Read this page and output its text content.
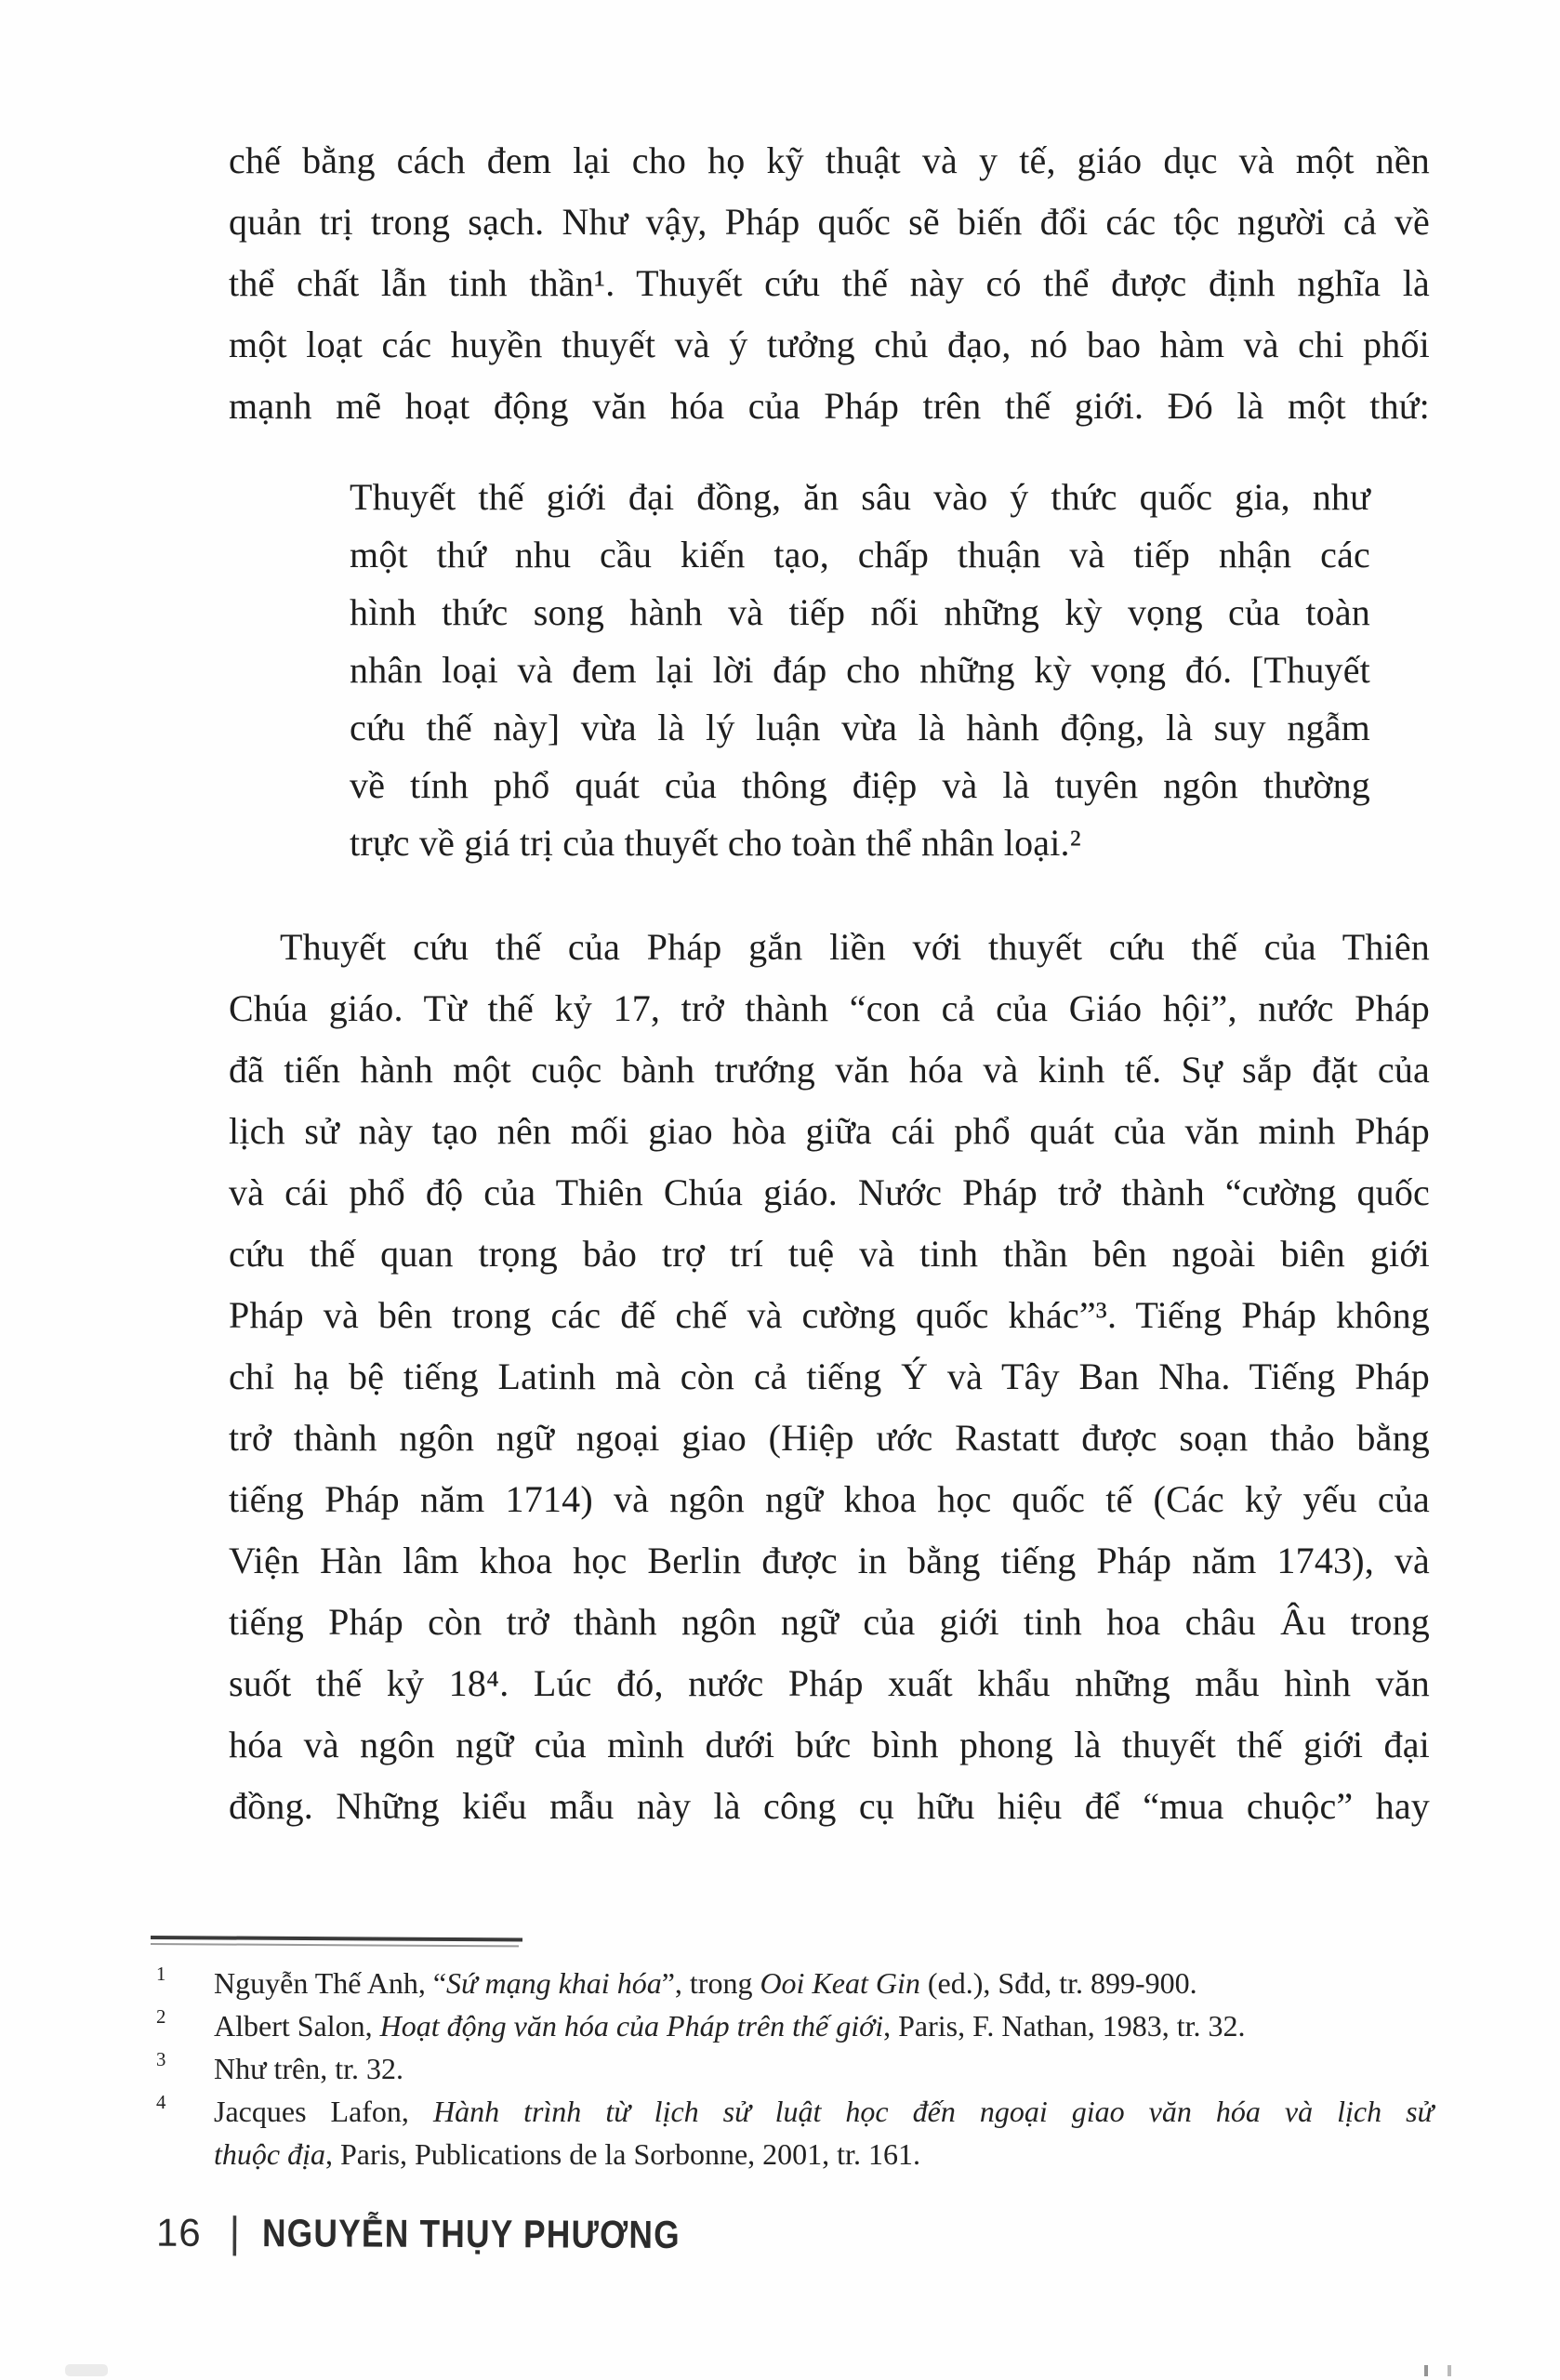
chế bằng cách đem lại cho họ kỹ thuật và y tế, giáo dục và một nền
quản trị trong sạch. Như vậy, Pháp quốc sẽ biến đổi các tộc người cả về
thể chất lẫn tinh thần¹. Thuyết cứu thế này có thể được định nghĩa là
một loạt các huyền thuyết và ý tưởng chủ đạo, nó bao hàm và chi phối
mạnh mẽ hoạt động văn hóa của Pháp trên thế giới. Đó là một thứ:
Thuyết thế giới đại đồng, ăn sâu vào ý thức quốc gia, như
một thứ nhu cầu kiến tạo, chấp thuận và tiếp nhận các
hình thức song hành và tiếp nối những kỳ vọng của toàn
nhân loại và đem lại lời đáp cho những kỳ vọng đó. [Thuyết
cứu thế này] vừa là lý luận vừa là hành động, là suy ngẫm
về tính phổ quát của thông điệp và là tuyên ngôn thường
trực về giá trị của thuyết cho toàn thể nhân loại.²
Thuyết cứu thế của Pháp gắn liền với thuyết cứu thế của Thiên
Chúa giáo. Từ thế kỷ 17, trở thành “con cả của Giáo hội”, nước Pháp
đã tiến hành một cuộc bành trướng văn hóa và kinh tế. Sự sắp đặt của
lịch sử này tạo nên mối giao hòa giữa cái phổ quát của văn minh Pháp
và cái phổ độ của Thiên Chúa giáo. Nước Pháp trở thành “cường quốc
cứu thế quan trọng bảo trợ trí tuệ và tinh thần bên ngoài biên giới
Pháp và bên trong các đế chế và cường quốc khác”³. Tiếng Pháp không
chỉ hạ bệ tiếng Latinh mà còn cả tiếng Ý và Tây Ban Nha. Tiếng Pháp
trở thành ngôn ngữ ngoại giao (Hiệp ước Rastatt được soạn thảo bằng
tiếng Pháp năm 1714) và ngôn ngữ khoa học quốc tế (Các kỷ yếu của
Viện Hàn lâm khoa học Berlin được in bằng tiếng Pháp năm 1743), và
tiếng Pháp còn trở thành ngôn ngữ của giới tinh hoa châu Âu trong
suốt thế kỷ 18⁴. Lúc đó, nước Pháp xuất khẩu những mẫu hình văn
hóa và ngôn ngữ của mình dưới bức bình phong là thuyết thế giới đại
đồng. Những kiểu mẫu này là công cụ hữu hiệu để “mua chuộc” hay
1 Nguyễn Thế Anh, “Sứ mạng khai hóa”, trong Ooi Keat Gin (ed.), Sđd, tr. 899-900.
2 Albert Salon, Hoạt động văn hóa của Pháp trên thế giới, Paris, F. Nathan, 1983, tr. 32.
3 Như trên, tr. 32.
4 Jacques Lafon, Hành trình từ lịch sử luật học đến ngoại giao văn hóa và lịch sử
thuộc địa, Paris, Publications de la Sorbonne, 2001, tr. 161.
16 | NGUYỄN THỤY PHƯƠNG
